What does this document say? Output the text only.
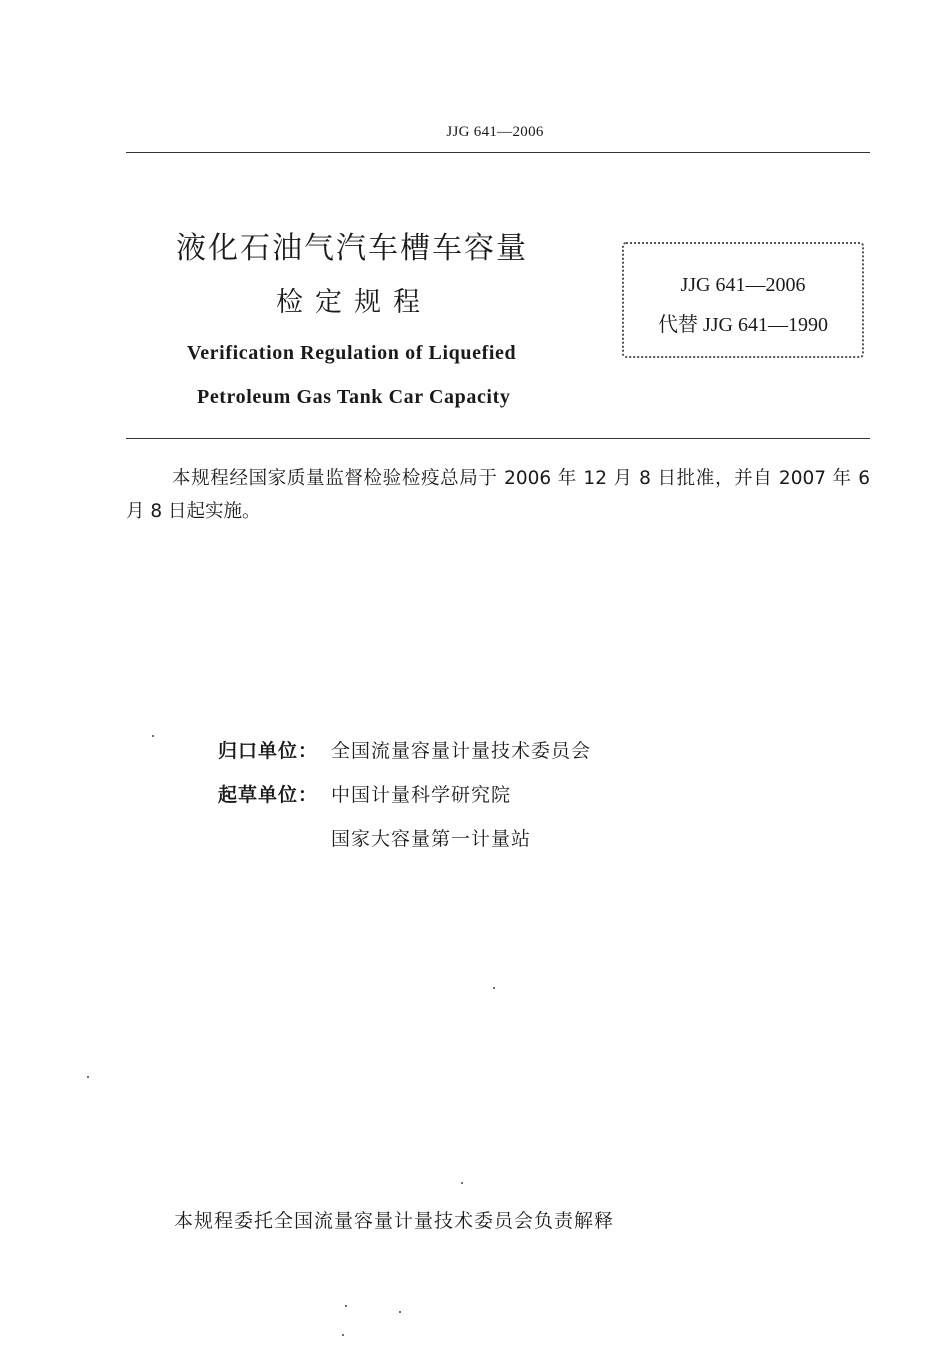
JJG 641—2006
液化石油气汽车槽车容量
检定规程
Verification Regulation of Liquefied
Petroleum Gas Tank Car Capacity
JJG 641—2006
代替 JJG 641—1990
本规程经国家质量监督检验检疫总局于 2006 年 12 月 8 日批准，并自 2007 年 6 月 8 日起实施。
归口单位： 全国流量容量计量技术委员会
起草单位： 中国计量科学研究院
国家大容量第一计量站
本规程委托全国流量容量计量技术委员会负责解释
